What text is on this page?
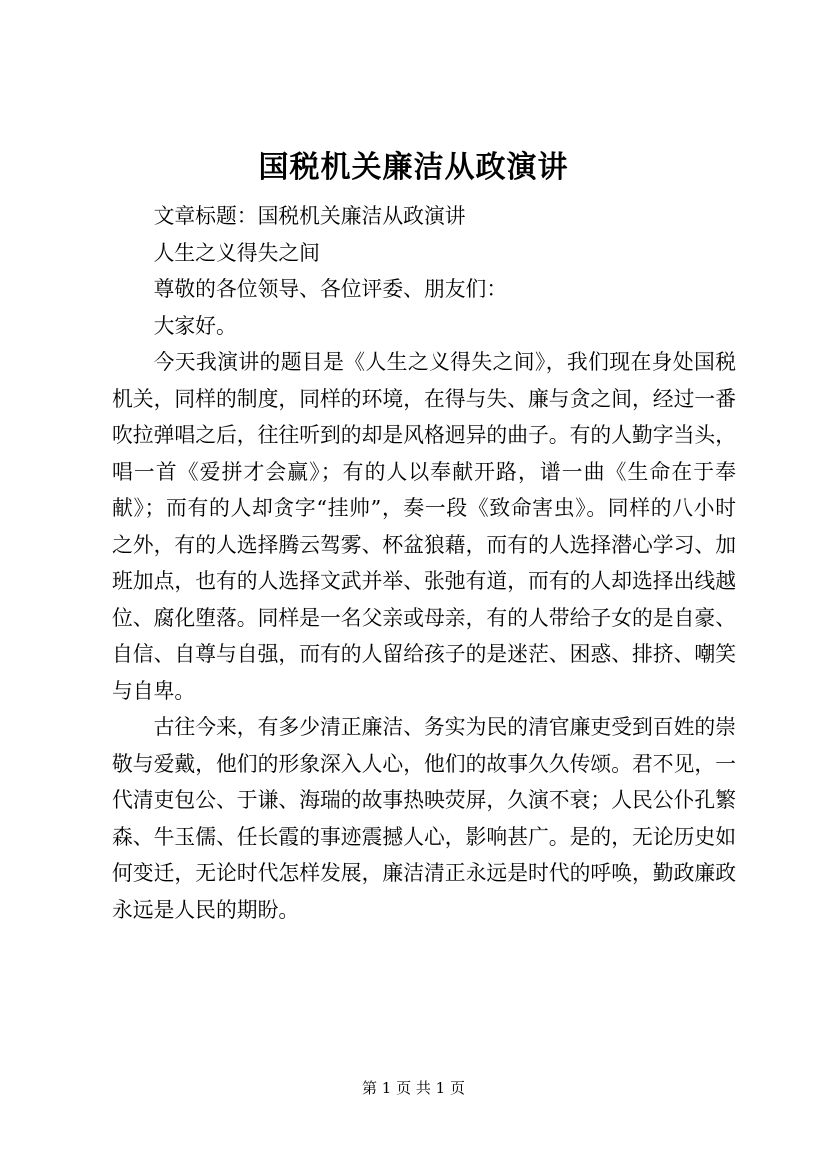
国税机关廉洁从政演讲

文章标题：国税机关廉洁从政演讲

人生之义得失之间

尊敬的各位领导、各位评委、朋友们：

大家好。

今天我演讲的题目是《人生之义得失之间》，我们现在身处国税机关，同样的制度，同样的环境，在得与失、廉与贪之间，经过一番吹拉弹唱之后，往往听到的却是风格迥异的曲子。有的人勤字当头，唱一首《爱拼才会赢》；有的人以奉献开路，谱一曲《生命在于奉献》；而有的人却贪字“挂帅”，奏一段《致命害虫》。同样的八小时之外，有的人选择腾云驾雾、杯盆狼藉，而有的人选择潜心学习、加班加点，也有的人选择文武并举、张弛有道，而有的人却选择出线越位、腐化堕落。同样是一名父亲或母亲，有的人带给子女的是自豪、自信、自尊与自强，而有的人留给孩子的是迷茫、困惑、排挤、嘲笑与自卑。

古往今来，有多少清正廉洁、务实为民的清官廉吏受到百姓的崇敬与爱戴，他们的形象深入人心，他们的故事久久传颂。君不见，一代清吏包公、于谦、海瑞的故事热映荧屏，久演不衰；人民公仆孔繁森、牛玉儒、任长霞的事迹震撼人心，影响甚广。是的，无论历史如何变迁，无论时代怎样发展，廉洁清正永远是时代的呼唤，勤政廉政永远是人民的期盼。

第 1 页 共 1 页
